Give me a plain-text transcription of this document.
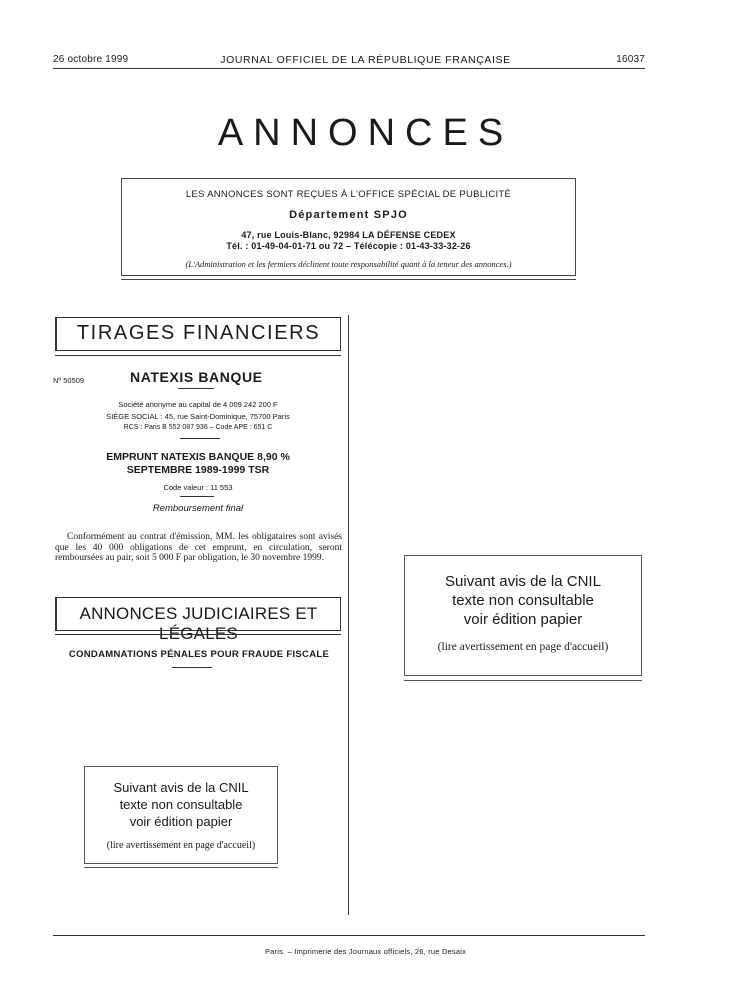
JOURNAL OFFICIEL DE LA RÉPUBLIQUE FRANÇAISE
26 octobre 1999	16037
ANNONCES
LES ANNONCES SONT REÇUES À L'OFFICE SPÉCIAL DE PUBLICITÉ
Département SPJO
47, rue Louis-Blanc, 92984 LA DÉFENSE CEDEX
Tél. : 01-49-04-01-71 ou 72 – Télécopie : 01-43-33-32-26
(L'Administration et les fermiers déclinent toute responsabilité quant à la teneur des annonces.)
TIRAGES FINANCIERS
Nº 50509	NATEXIS BANQUE
Société anonyme au capital de 4 009 242 200 F
SIÈGE SOCIAL : 45, rue Saint-Dominique, 75700 Paris
RCS : Paris B 552 087 936 – Code APE : 651 C
EMPRUNT NATEXIS BANQUE 8,90 %
SEPTEMBRE 1989-1999 TSR
Code valeur : 11 553
Remboursement final
Conformément au contrat d'émission, MM. les obligataires sont avisés que les 40 000 obligations de cet emprunt, en circulation, seront remboursées au pair, soit 5 000 F par obligation, le 30 novembre 1999.
ANNONCES JUDICIAIRES ET LÉGALES
CONDAMNATIONS PÉNALES POUR FRAUDE FISCALE
Suivant avis de la CNIL
texte non consultable
voir édition papier
(lire avertissement en page d'accueil)
Suivant avis de la CNIL
texte non consultable
voir édition papier
(lire avertissement en page d'accueil)
Paris. – Imprimerie des Journaux officiels, 26, rue Desaix
